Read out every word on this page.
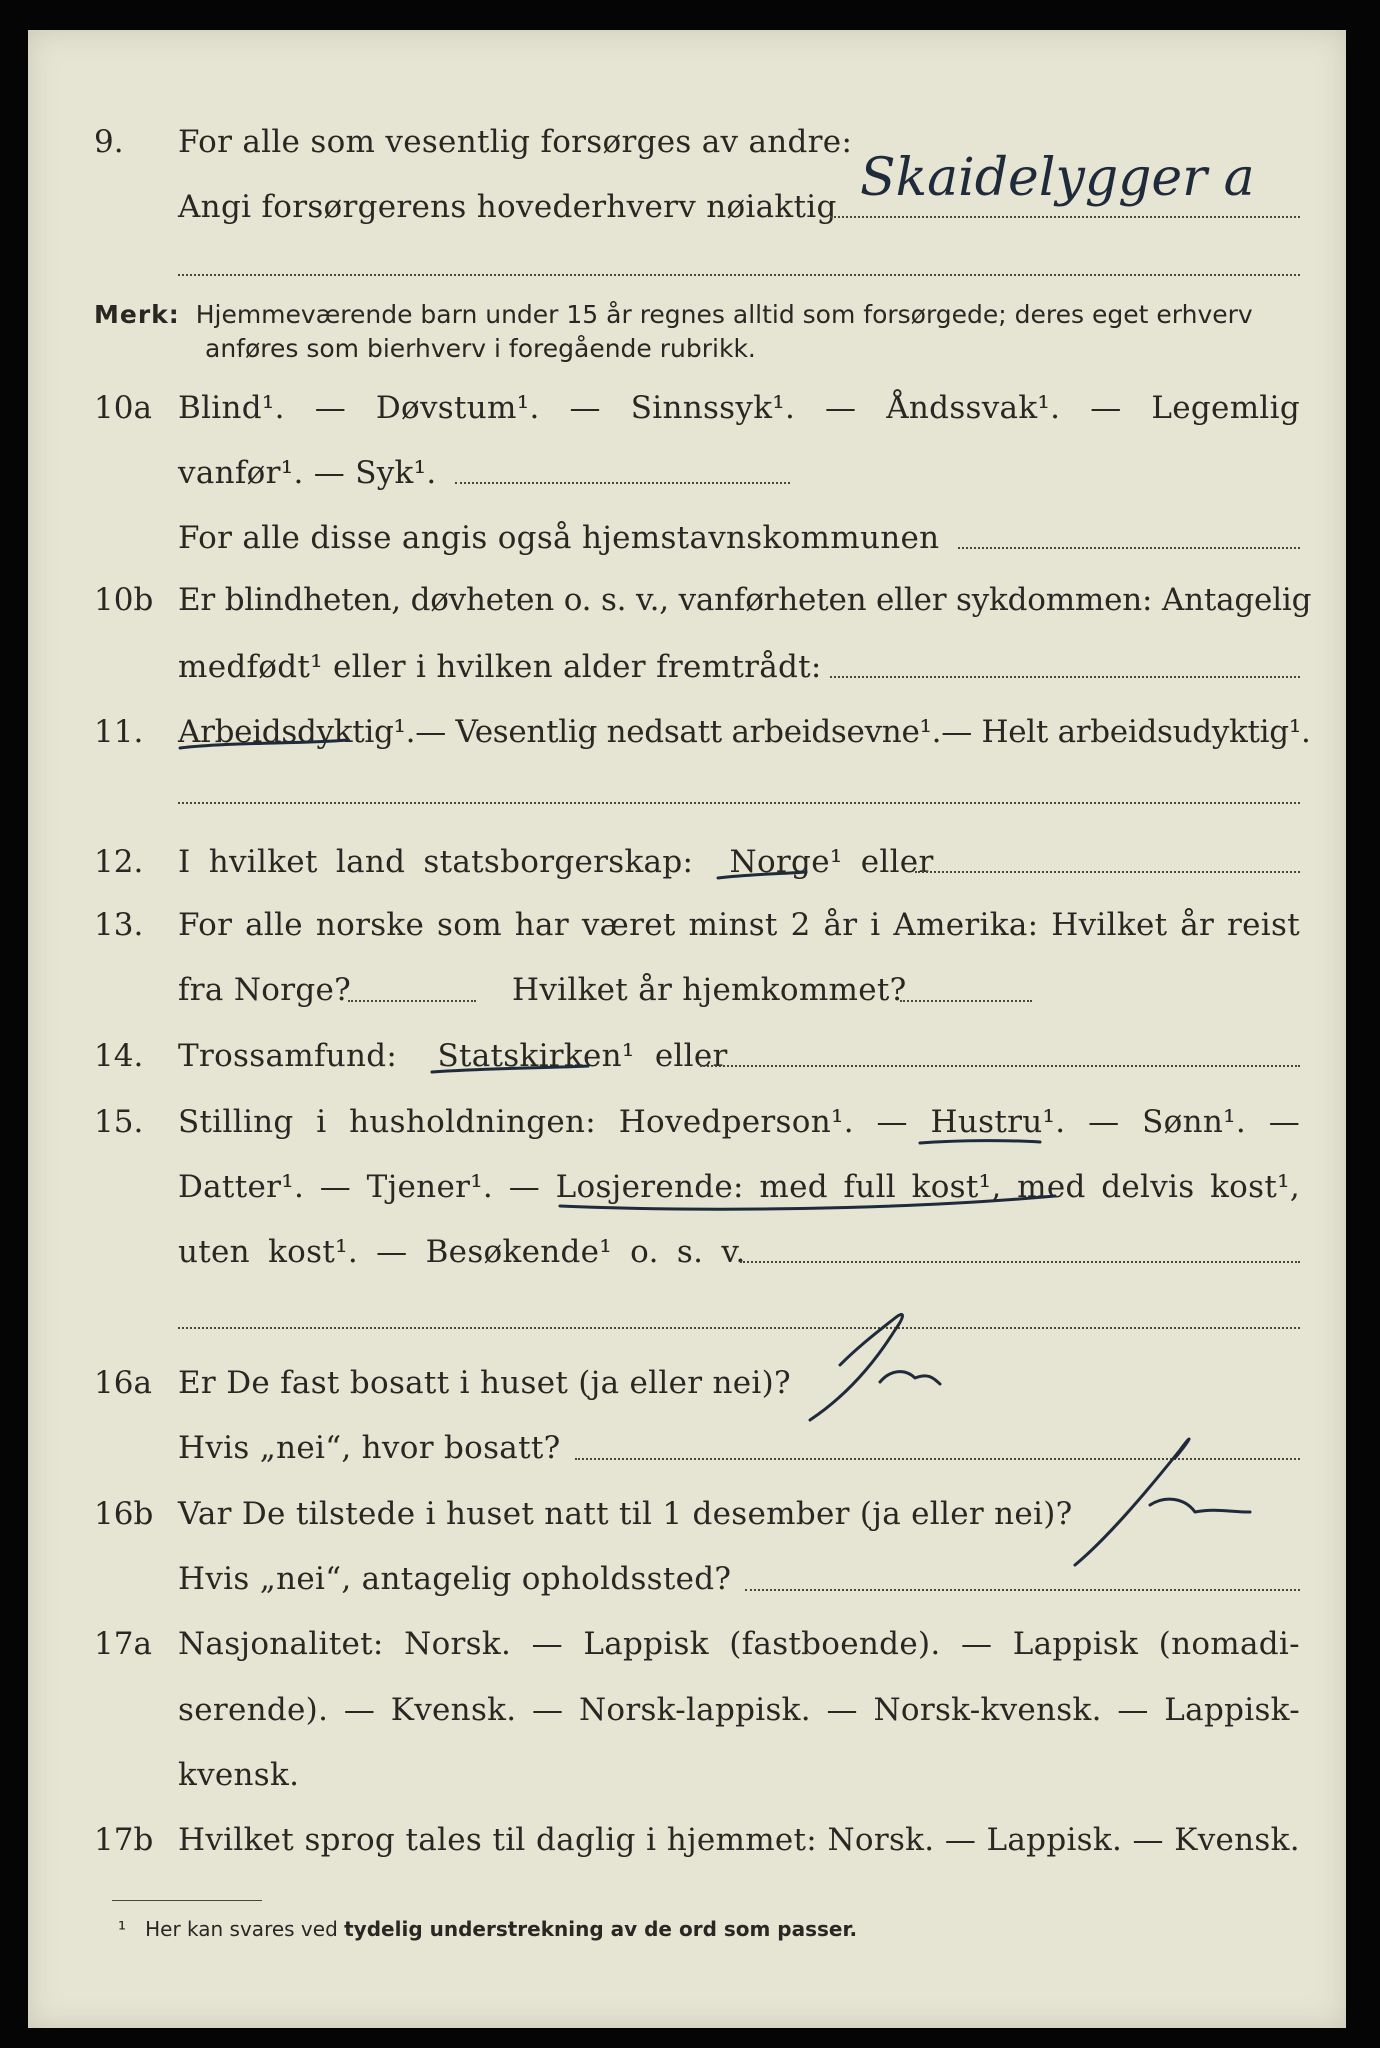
9. For alle som vesentlig forsørges av andre:
Angi forsørgerens hovederhverv nøiaktig Skaidelygger a
Merk: Hjemmeværende barn under 15 år regnes alltid som forsørgede; deres eget erhverv
anføres som bierhverv i foregående rubrikk.
10a Blind¹. — Døvstum¹. — Sinnssyk¹. — Åndssvak¹. — Legemlig
vanfør¹. — Syk¹.
For alle disse angis også hjemstavnskommunen
10b Er blindheten, døvheten o. s. v., vanførheten eller sykdommen: Antagelig
medfødt¹ eller i hvilken alder fremtrådt:
11. Arbeidsdyktig¹. — Vesentlig nedsatt arbeidsevne¹. — Helt arbeidsudyktig¹.
12. I hvilket land statsborgerskap: Norge¹ eller
13. For alle norske som har været minst 2 år i Amerika: Hvilket år reist
fra Norge?	Hvilket år hjemkommet?
14. Trossamfund: Statskirken¹ eller
15. Stilling i husholdningen: Hovedperson¹. — Hustru¹. — Sønn¹. —
Datter¹. — Tjener¹. — Losjerende: med full kost¹, med delvis kost¹,
uten kost¹. — Besøkende¹ o. s. v.
16a Er De fast bosatt i huset (ja eller nei)?
Hvis „nei“, hvor bosatt?
16b Var De tilstede i huset natt til 1 desember (ja eller nei)?
Hvis „nei“, antagelig opholdssted?
17a Nasjonalitet: Norsk. — Lappisk (fastboende). — Lappisk (nomadi-
serende). — Kvensk. — Norsk-lappisk. — Norsk-kvensk. — Lappisk-
kvensk.
17b Hvilket sprog tales til daglig i hjemmet: Norsk. — Lappisk. — Kvensk.
¹ Her kan svares ved tydelig understrekning av de ord som passer.
